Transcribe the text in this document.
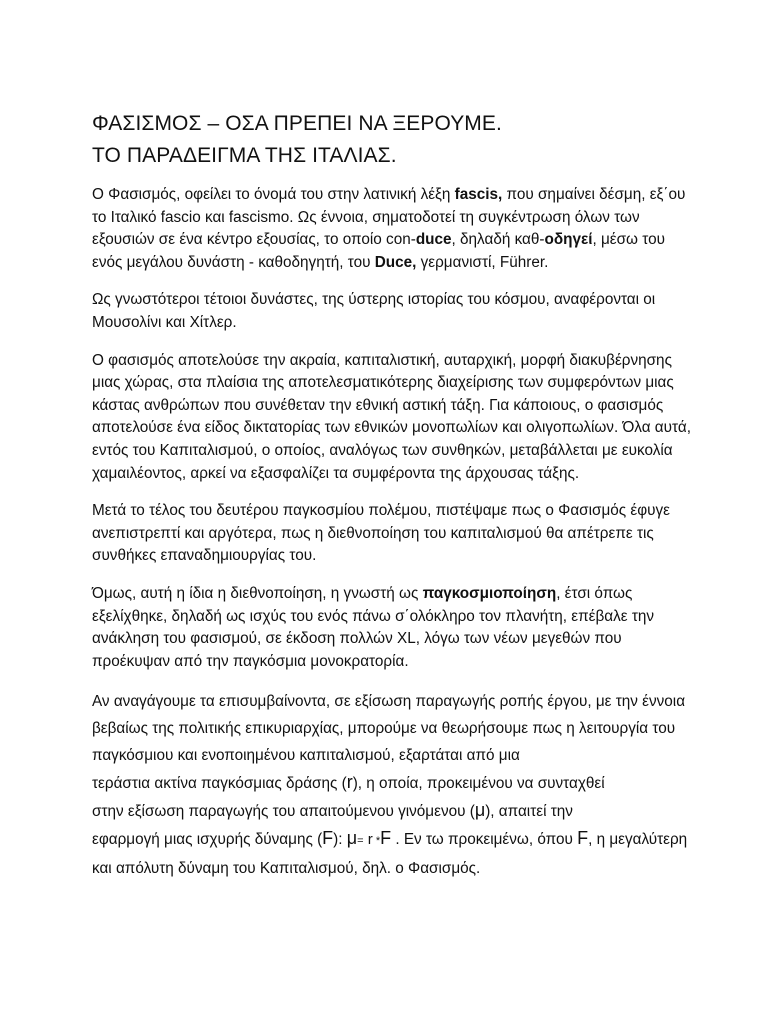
ΦΑΣΙΣΜΟΣ – ΟΣΑ ΠΡΕΠΕΙ ΝΑ ΞΕΡΟΥΜΕ.
ΤΟ ΠΑΡΑΔΕΙΓΜΑ ΤΗΣ ΙΤΑΛΙΑΣ.

Ο Φασισμός, οφείλει το όνομά του στην λατινική λέξη fascis, που σημαίνει δέσμη, εξ΄ου το Ιταλικό fascio και fascismo. Ως έννοια, σηματοδοτεί τη συγκέντρωση όλων των εξουσιών σε ένα κέντρο εξουσίας, το οποίο con-duce, δηλαδή καθ-οδηγεί, μέσω του ενός μεγάλου δυνάστη - καθοδηγητή, του Duce, γερμανιστί, Führer.

Ως γνωστότεροι τέτοιοι δυνάστες, της ύστερης ιστορίας του κόσμου, αναφέρονται οι Μουσολίνι και Χίτλερ.

Ο φασισμός αποτελούσε την ακραία, καπιταλιστική, αυταρχική, μορφή διακυβέρνησης μιας χώρας, στα πλαίσια της αποτελεσματικότερης διαχείρισης των συμφερόντων μιας κάστας ανθρώπων που συνέθεταν την εθνική αστική τάξη. Για κάποιους, ο φασισμός αποτελούσε ένα είδος δικτατορίας των εθνικών μονοπωλίων και ολιγοπωλίων. Όλα αυτά, εντός του Καπιταλισμού, ο οποίος, αναλόγως των συνθηκών, μεταβάλλεται με ευκολία χαμαιλέοντος, αρκεί να εξασφαλίζει τα συμφέροντα της άρχουσας τάξης.

Μετά το τέλος του δευτέρου παγκοσμίου πολέμου, πιστέψαμε πως ο Φασισμός έφυγε ανεπιστρεπτί και αργότερα, πως η διεθνοποίηση του καπιταλισμού θα απέτρεπε τις συνθήκες επαναδημιουργίας του.

Όμως, αυτή η ίδια η διεθνοποίηση, η γνωστή ως παγκοσμιοποίηση, έτσι όπως εξελίχθηκε, δηλαδή ως ισχύς του ενός πάνω σ΄ολόκληρο τον πλανήτη, επέβαλε την ανάκληση του φασισμού, σε έκδοση πολλών XL, λόγω των νέων μεγεθών που προέκυψαν από την παγκόσμια μονοκρατορία.

Αν αναγάγουμε τα επισυμβαίνοντα, σε εξίσωση παραγωγής ροπής έργου, με την έννοια βεβαίως της πολιτικής επικυριαρχίας, μπορούμε να θεωρήσουμε πως η λειτουργία του παγκόσμιου και ενοποιημένου καπιταλισμού, εξαρτάται από μια
τεράστια ακτίνα παγκόσμιας δράσης (r), η οποία, προκειμένου να συνταχθεί
στην εξίσωση παραγωγής του απαιτούμενου γινόμενου (μ), απαιτεί την
εφαρμογή μιας ισχυρής δύναμης (F): μ= r *F . Εν τω προκειμένω, όπου F, η μεγαλύτερη και απόλυτη δύναμη του Καπιταλισμού, δηλ. ο Φασισμός.
